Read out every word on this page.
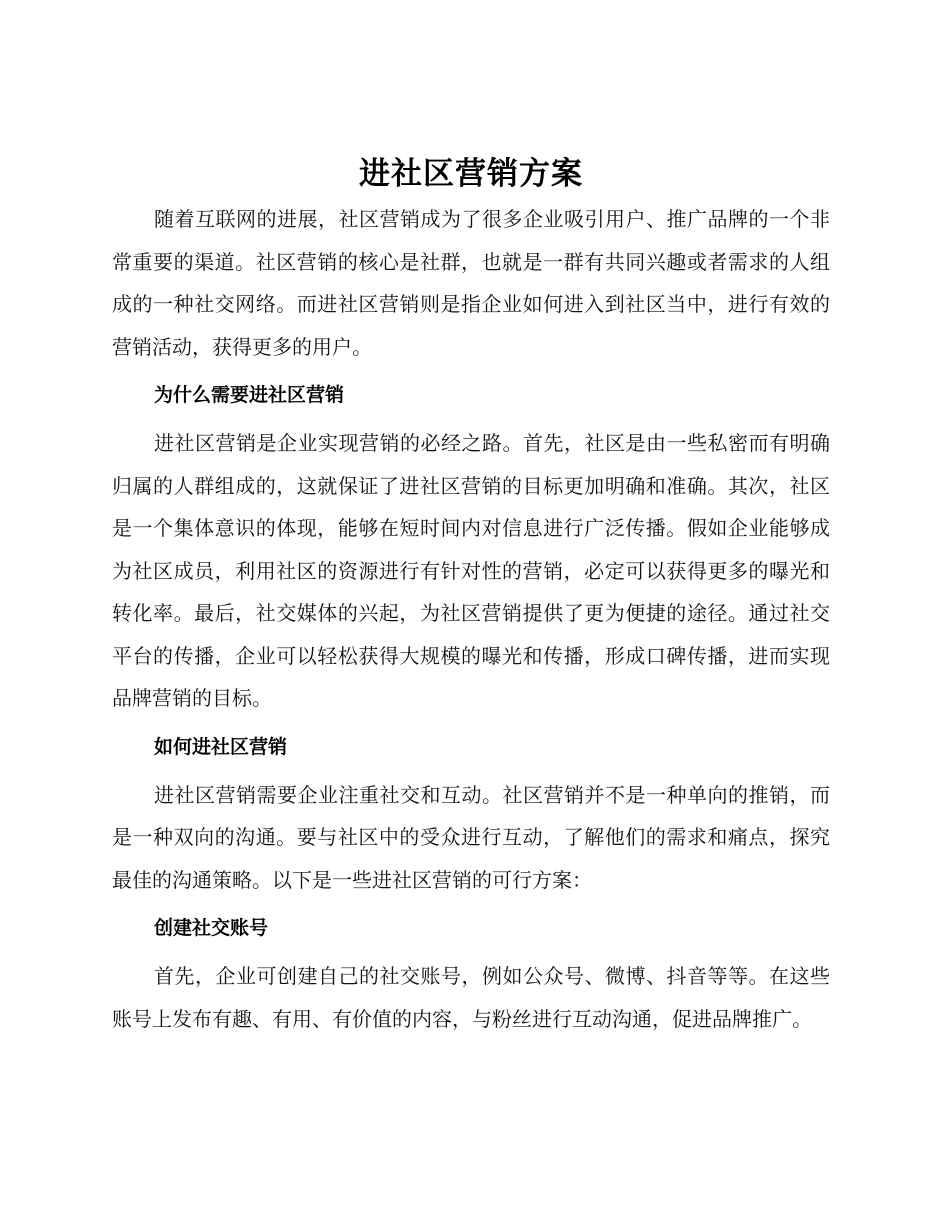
进社区营销方案

随着互联网的进展，社区营销成为了很多企业吸引用户、推广品牌的一个非常重要的渠道。社区营销的核心是社群，也就是一群有共同兴趣或者需求的人组成的一种社交网络。而进社区营销则是指企业如何进入到社区当中，进行有效的营销活动，获得更多的用户。

为什么需要进社区营销

进社区营销是企业实现营销的必经之路。首先，社区是由一些私密而有明确归属的人群组成的，这就保证了进社区营销的目标更加明确和准确。其次，社区是一个集体意识的体现，能够在短时间内对信息进行广泛传播。假如企业能够成为社区成员，利用社区的资源进行有针对性的营销，必定可以获得更多的曝光和转化率。最后，社交媒体的兴起，为社区营销提供了更为便捷的途径。通过社交平台的传播，企业可以轻松获得大规模的曝光和传播，形成口碑传播，进而实现品牌营销的目标。

如何进社区营销

进社区营销需要企业注重社交和互动。社区营销并不是一种单向的推销，而是一种双向的沟通。要与社区中的受众进行互动，了解他们的需求和痛点，探究最佳的沟通策略。以下是一些进社区营销的可行方案：

创建社交账号

首先，企业可创建自己的社交账号，例如公众号、微博、抖音等等。在这些账号上发布有趣、有用、有价值的内容，与粉丝进行互动沟通，促进品牌推广。
